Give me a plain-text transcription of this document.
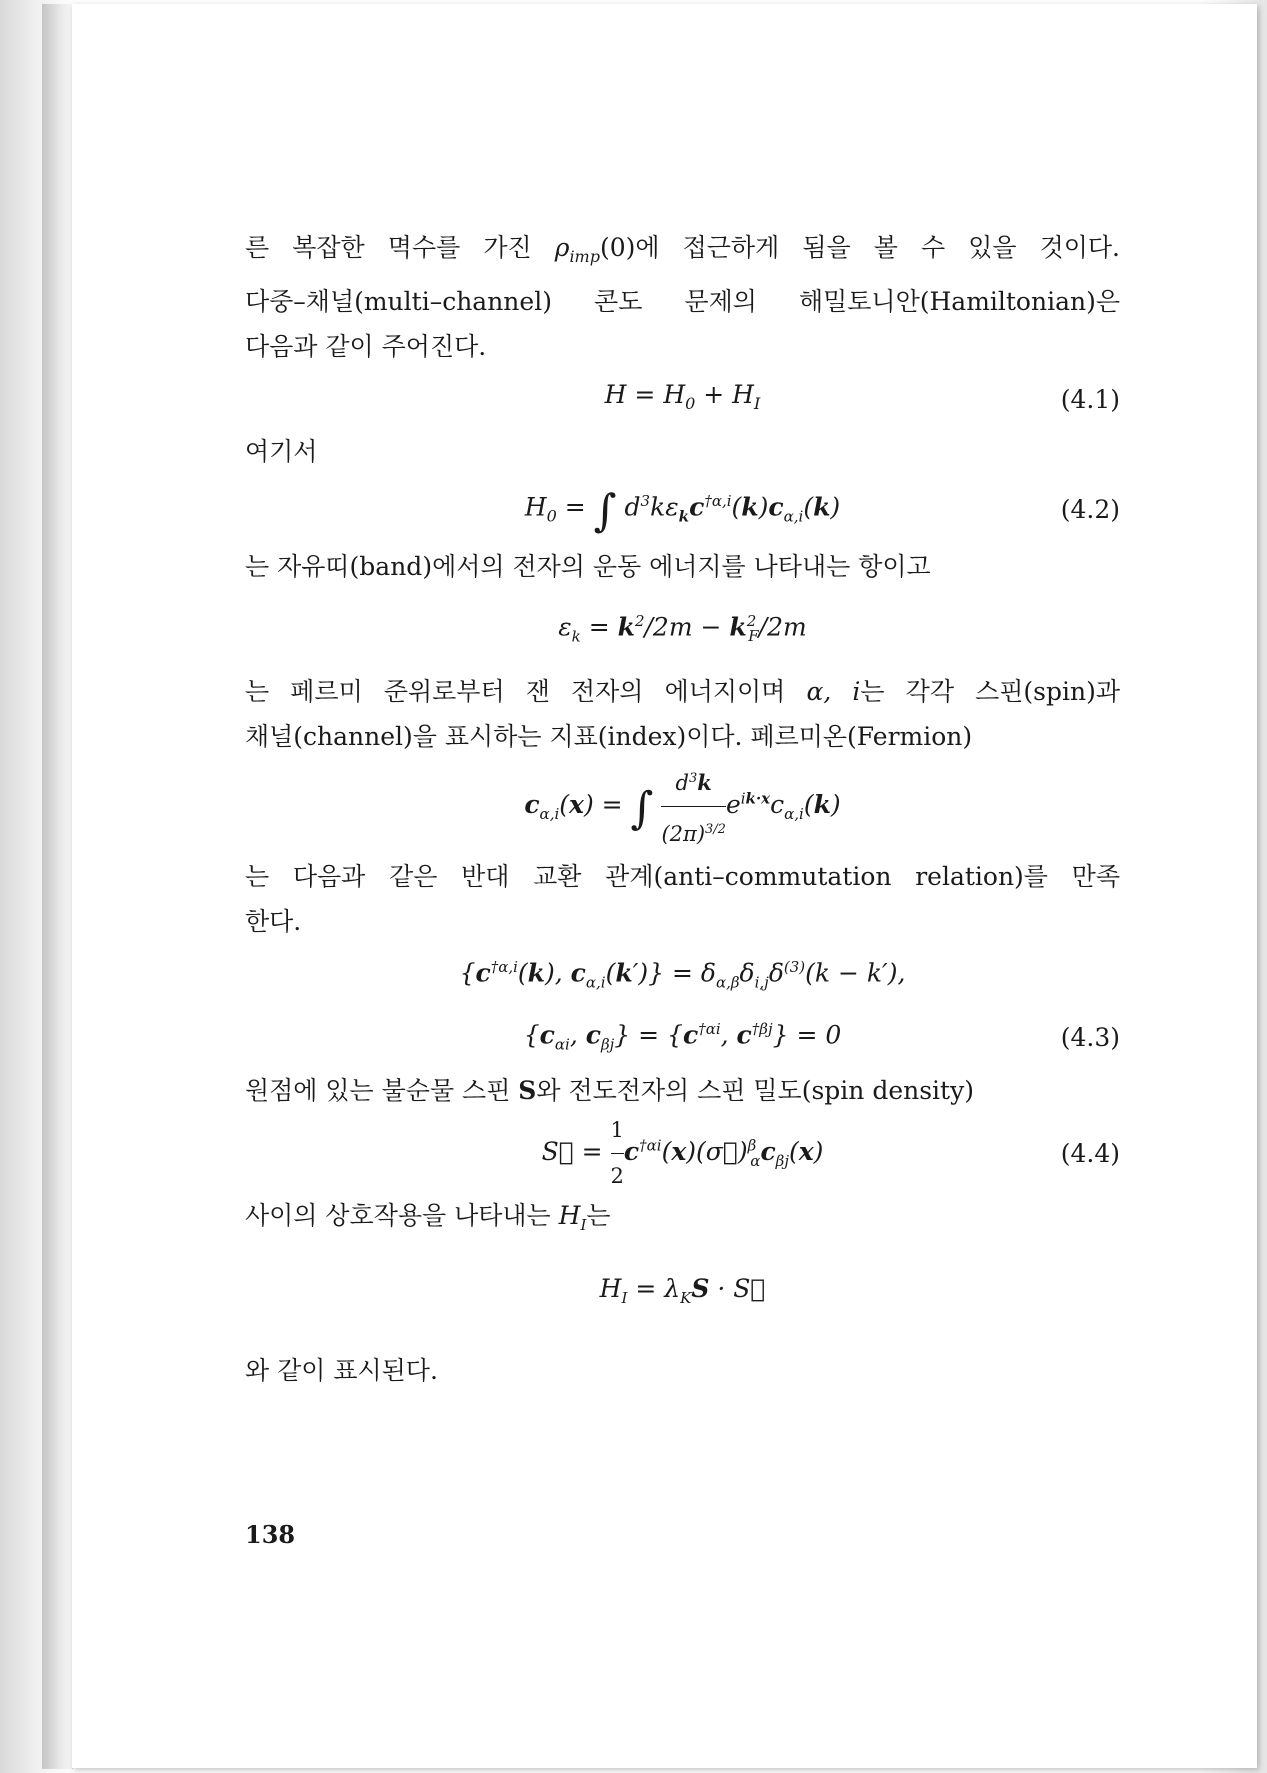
른 복잡한 멱수를 가진 $\rho_{imp}(0)$에 접근하게 됨을 볼 수 있을 것이다.
다중–채널(multi–channel) 콘도 문제의 해밀토니안(Hamiltonian)은
다음과 같이 주어진다.
$H = H_0 + H_I$	(4.1)
여기서
$H_0$ = ∫ $d^3k\varepsilon_kc^{\dagger\alpha,i}(k)c_{\alpha,i}(k)$	(4.2)
는 자유띠(band)에서의 전자의 운동 에너지를 나타내는 항이고
$\varepsilon_k = k^2/2m - k^2_F/2m$
는 페르미 준위로부터 잰 전자의 에너지이며 α, i는 각각 스핀(spin)과
채널(channel)을 표시하는 지표(index)이다. 페르미온(Fermion)
$c_{\alpha,i}(x)$ = ∫ $\frac{d^3k}{(2\pi)^{3/2}} e^{ik\cdot x}c_{\alpha,i}(k)$
는 다음과 같은 반대 교환 관계(anti–commutation relation)를 만족
한다.
{$c^{\dagger\alpha,i}(k)$, $c_{\alpha,i}(k')\} = \delta_{\alpha,\beta}\delta_{i,j}\delta^{(3)}(k - k')$,
{$c_{\alpha i}$, $c_{\beta j}\} = \{c^{\dagger\alpha i}$, $c^{\dagger\beta j}\} = 0$	(4.3)
원점에 있는 불순물 스핀 S와 전도전자의 스핀 밀도(spin density)
S⃗ = $\frac{1}{2}$ $c^{\dagger\alpha i}(x)(\sigma⃗)^\beta_\alpha c_{\beta j}(x)$	(4.4)
사이의 상호작용을 나타내는 $H_I$는
$H_I = \lambda_KS$ · S⃗
와 같이 표시된다.
138
